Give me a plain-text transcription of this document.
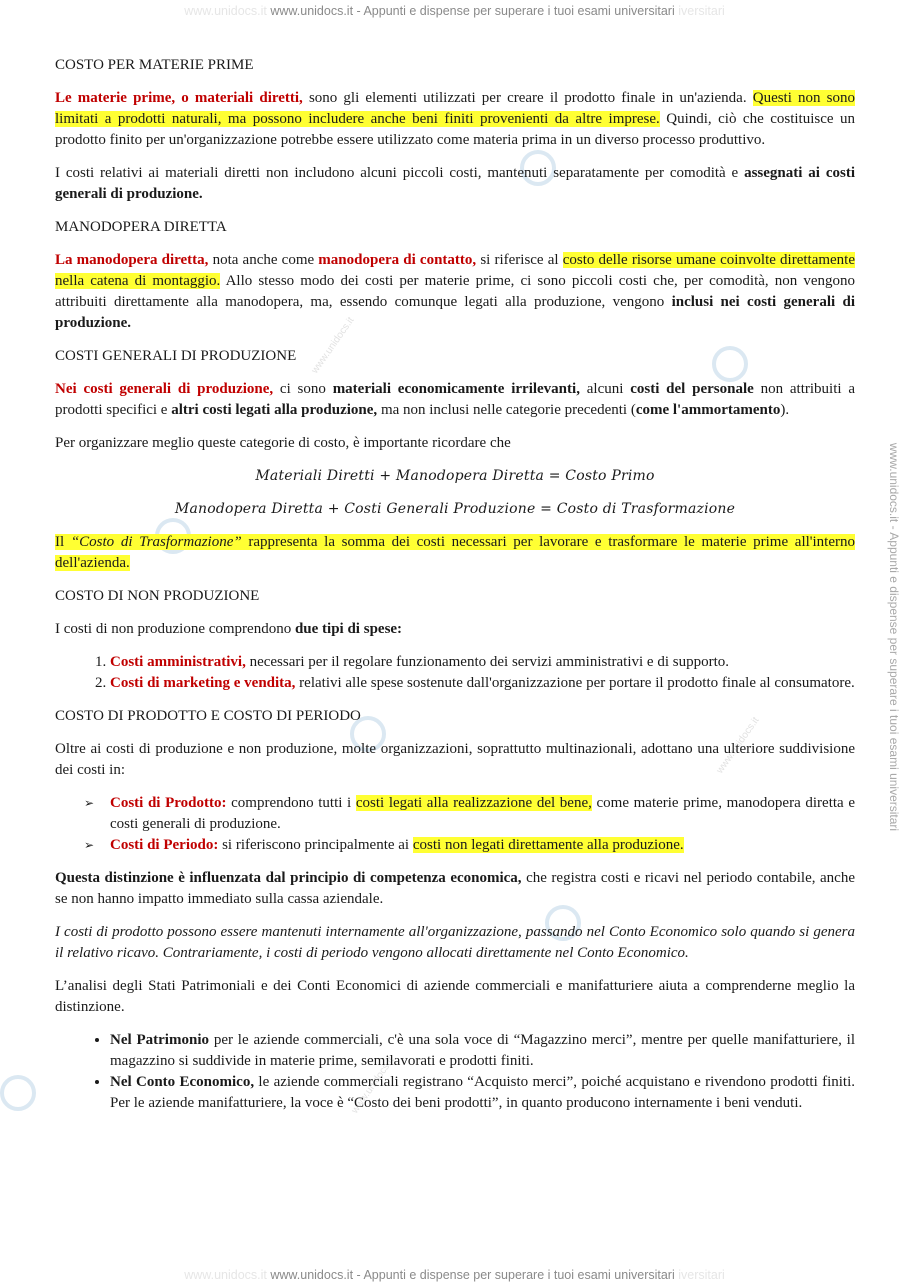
www.unidocs.it www.unidocs.it - Appunti e dispense per superare i tuoi esami universitari iversitari
www.unidocs.it www.unidocs.it - Appunti e dispense per superare i tuoi esami universitari iversitari
www.unidocs.it - Appunti e dispense per superare i tuoi esami universitari
www.unidocs.it
www.unidocs.it
www.unidocs.it
COSTO PER MATERIE PRIME

Le materie prime, o materiali diretti, sono gli elementi utilizzati per creare il prodotto finale in un'azienda. Questi non sono limitati a prodotti naturali, ma possono includere anche beni finiti provenienti da altre imprese. Quindi, ciò che costituisce un prodotto finito per un'organizzazione potrebbe essere utilizzato come materia prima in un diverso processo produttivo.

I costi relativi ai materiali diretti non includono alcuni piccoli costi, mantenuti separatamente per comodità e assegnati ai costi generali di produzione.

MANODOPERA DIRETTA

La manodopera diretta, nota anche come manodopera di contatto, si riferisce al costo delle risorse umane coinvolte direttamente nella catena di montaggio. Allo stesso modo dei costi per materie prime, ci sono piccoli costi che, per comodità, non vengono attribuiti direttamente alla manodopera, ma, essendo comunque legati alla produzione, vengono inclusi nei costi generali di produzione.

COSTI GENERALI DI PRODUZIONE

Nei costi generali di produzione, ci sono materiali economicamente irrilevanti, alcuni costi del personale non attribuiti a prodotti specifici e altri costi legati alla produzione, ma non inclusi nelle categorie precedenti (come l'ammortamento).

Per organizzare meglio queste categorie di costo, è importante ricordare che

Materiali Diretti + Manodopera Diretta = Costo Primo
Manodopera Diretta + Costi Generali Produzione = Costo di Trasformazione

Il “Costo di Trasformazione” rappresenta la somma dei costi necessari per lavorare e trasformare le materie prime all'interno dell'azienda.

COSTO DI NON PRODUZIONE

I costi di non produzione comprendono due tipi di spese:

1. Costi amministrativi, necessari per il regolare funzionamento dei servizi amministrativi e di supporto.
2. Costi di marketing e vendita, relativi alle spese sostenute dall'organizzazione per portare il prodotto finale al consumatore.
COSTO DI PRODOTTO E COSTO DI PERIODO

Oltre ai costi di produzione e non produzione, molte organizzazioni, soprattutto multinazionali, adottano una ulteriore suddivisione dei costi in:

➢ Costi di Prodotto: comprendono tutti i costi legati alla realizzazione del bene, come materie prime, manodopera diretta e costi generali di produzione.
➢ Costi di Periodo: si riferiscono principalmente ai costi non legati direttamente alla produzione.

Questa distinzione è influenzata dal principio di competenza economica, che registra costi e ricavi nel periodo contabile, anche se non hanno impatto immediato sulla cassa aziendale.

I costi di prodotto possono essere mantenuti internamente all'organizzazione, passando nel Conto Economico solo quando si genera il relativo ricavo. Contrariamente, i costi di periodo vengono allocati direttamente nel Conto Economico.

L’analisi degli Stati Patrimoniali e dei Conti Economici di aziende commerciali e manifatturiere aiuta a comprenderne meglio la distinzione.

• Nel Patrimonio per le aziende commerciali, c'è una sola voce di “Magazzino merci”, mentre per quelle manifatturiere, il magazzino si suddivide in materie prime, semilavorati e prodotti finiti.
• Nel Conto Economico, le aziende commerciali registrano “Acquisto merci”, poiché acquistano e rivendono prodotti finiti. Per le aziende manifatturiere, la voce è “Costo dei beni prodotti”, in quanto producono internamente i beni venduti.
